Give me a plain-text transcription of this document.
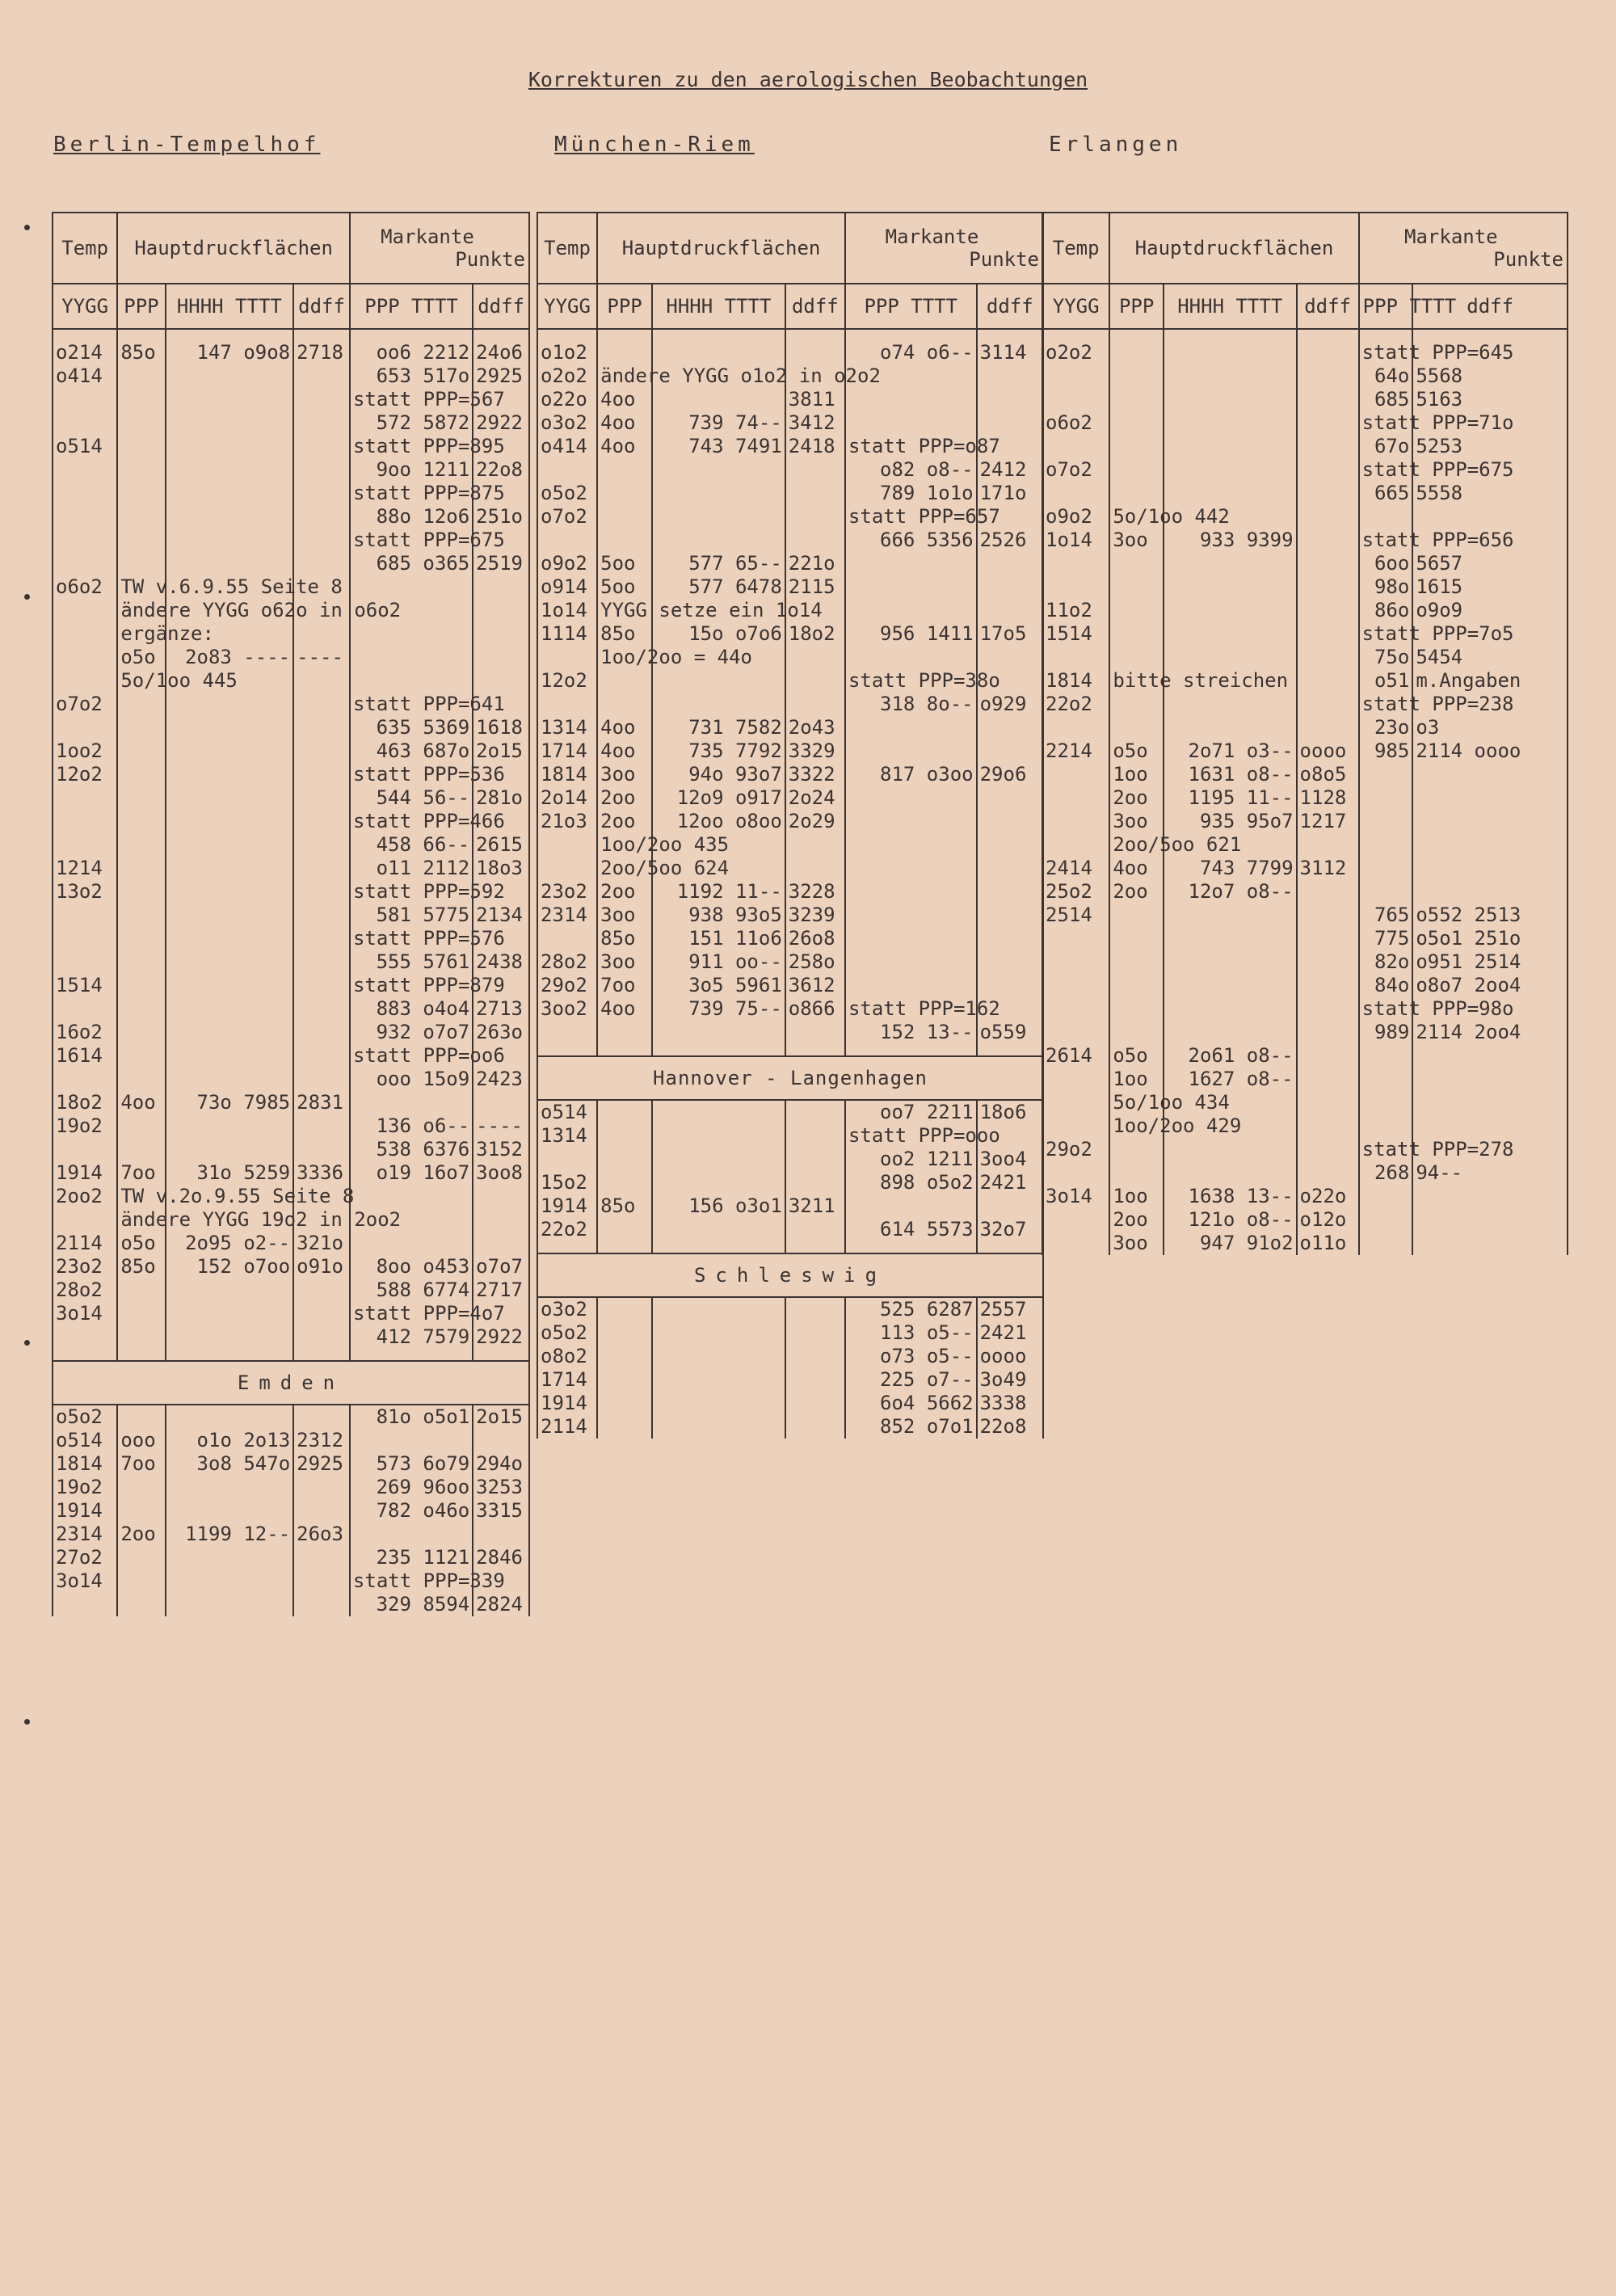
Korrekturen zu den aerologischen Beobachtungen
Berlin-Tempelhof	München-Riem	Erlangen
Temp	Hauptdruckflächen			Markante
Punkte	

YYGG	PPP	HHHH TTTT	ddff	PPP TTTT	ddff

o214	85o	147 o9o8	2718	oo6 2212	24o6
o414				653 517o	2925
				statt PPP=567	
				572 5872	2922
o514				statt PPP=895	
				9oo 1211	22o8
				statt PPP=875	
				88o 12o6	251o
				statt PPP=675	
				685 o365	2519
o6o2	TW v.6.9.55 Seite 8				
	ändere YYGG o62o in o6o2				
	ergänze:				
	o5o	2o83 ----	----		
	5o/1oo 445				
o7o2				statt PPP=641	
				635 5369	1618
1oo2				463 687o	2o15
12o2				statt PPP=536	
				544 56--	281o
				statt PPP=466	
				458 66--	2615
1214				o11 2112	18o3
13o2				statt PPP=592	
				581 5775	2134
				statt PPP=576	
				555 5761	2438
1514				statt PPP=879	
				883 o4o4	2713
16o2				932 o7o7	263o
1614				statt PPP=oo6	
				ooo 15o9	2423
18o2	4oo	73o 7985	2831		
19o2				136 o6--	----
				538 6376	3152
1914	7oo	31o 5259	3336	o19 16o7	3oo8
2oo2	TW v.2o.9.55 Seite 8				
	ändere YYGG 19o2 in 2oo2				
2114	o5o	2o95 o2--	321o		
23o2	85o	152 o7oo	o91o	8oo o453	o7o7
28o2				588 6774	2717
3o14				statt PPP=4o7	
				412 7579	2922

Emden
o5o2				81o o5o1	2o15
o514	ooo	o1o 2o13	2312		
1814	7oo	3o8 547o	2925	573 6o79	294o
19o2				269 96oo	3253
1914				782 o46o	3315
2314	2oo	1199 12--	26o3		
27o2				235 1121	2846
3o14				statt PPP=339	
				329 8594	2824
Temp	Hauptdruckflächen			Markante
Punkte	

YYGG	PPP	HHHH TTTT	ddff	PPP TTTT	ddff

o1o2				o74 o6--	3114
o2o2	ändere YYGG o1o2 in o2o2				
o22o	4oo		3811		
o3o2	4oo	739 74--	3412		
o414	4oo	743 7491	2418	statt PPP=o87	
				o82 o8--	2412
o5o2				789 1o1o	171o
o7o2				statt PPP=657	
				666 5356	2526
o9o2	5oo	577 65--	221o		
o914	5oo	577 6478	2115		
1o14	YYGG setze ein 1o14				
1114	85o	15o o7o6	18o2	956 1411	17o5
	1oo/2oo = 44o				
12o2				statt PPP=38o	
				318 8o--	o929
1314	4oo	731 7582	2o43		
1714	4oo	735 7792	3329		
1814	3oo	94o 93o7	3322	817 o3oo	29o6
2o14	2oo	12o9 o917	2o24		
21o3	2oo	12oo o8oo	2o29		
	1oo/2oo 435				
	2oo/5oo 624				
23o2	2oo	1192 11--	3228		
2314	3oo	938 93o5	3239		
	85o	151 11o6	26o8		
28o2	3oo	911 oo--	258o		
29o2	7oo	3o5 5961	3612		
3oo2	4oo	739 75--	o866	statt PPP=162	
				152 13--	o559

Hannover - Langenhagen
o514				oo7 2211	18o6
1314				statt PPP=ooo	
				oo2 1211	3oo4
15o2				898 o5o2	2421
1914	85o	156 o3o1	3211		
22o2				614 5573	32o7

Schleswig
o3o2				525 6287	2557
o5o2				113 o5--	2421
o8o2				o73 o5--	oooo
1714				225 o7--	3o49
1914				6o4 5662	3338
2114				852 o7o1	22o8
Temp	Hauptdruckflächen			Markante
Punkte	

YYGG	PPP	HHHH TTTT	ddff	PPP TTTT	ddff

o2o2				statt PPP=645	
				64o	5568
				685	5163
o6o2				statt PPP=71o	
				67o	5253
o7o2				statt PPP=675	
				665	5558
o9o2	5o/1oo 442				
1o14	3oo	933 9399		statt PPP=656	
				6oo	5657
				98o	1615
11o2				86o	o9o9
1514				statt PPP=7o5	
				75o	5454
1814	bitte streichen			o51	m.Angaben
22o2				statt PPP=238	
				23o	o3
2214	o5o	2o71 o3--	oooo	985	2114 oooo
	1oo	1631 o8--	o8o5		
	2oo	1195 11--	1128		
	3oo	935 95o7	1217		
	2oo/5oo 621				
2414	4oo	743 7799	3112		
25o2	2oo	12o7 o8--			
2514				765	o552 2513
				775	o5o1 251o
				82o	o951 2514
				84o	o8o7 2oo4
				statt PPP=98o	
				989	2114 2oo4
2614	o5o	2o61 o8--			
	1oo	1627 o8--			
	5o/1oo 434				
	1oo/2oo 429				
29o2				statt PPP=278	
				268	94--
3o14	1oo	1638 13--	o22o		
	2oo	121o o8--	o12o		
	3oo	947 91o2	o11o		
